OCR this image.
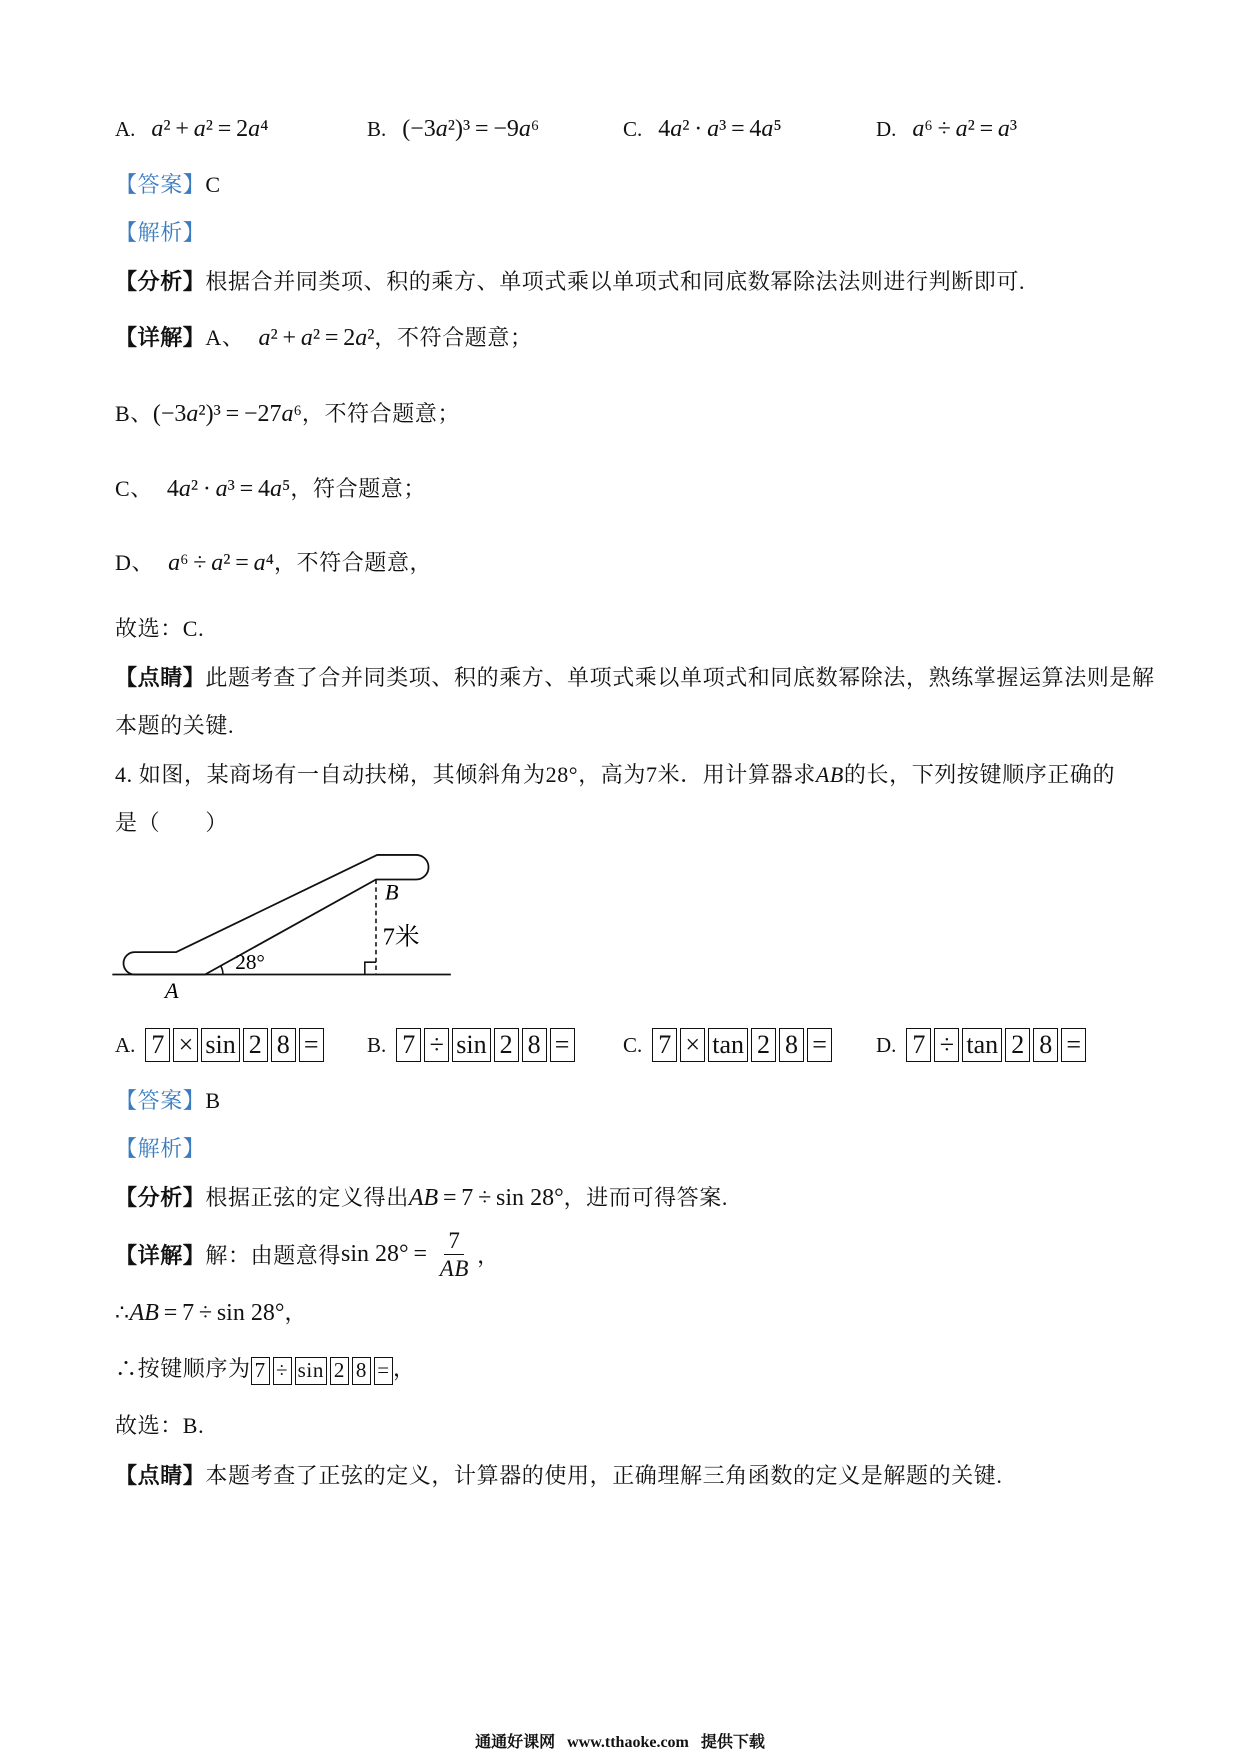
A. a² + a² = 2a⁴	B. (−3a²)³ = −9a⁶	C. 4a² · a³ = 4a⁵	D. a⁶ ÷ a² = a³
【答案】C
【解析】
【分析】根据合并同类项、积的乘方、单项式乘以单项式和同底数幂除法法则进行判断即可.
【详解】A、 a² + a² = 2a²，不符合题意；
B、(−3a²)³ = −27a⁶，不符合题意；
C、 4a² · a³ = 4a⁵，符合题意；
D、 a⁶ ÷ a² = a⁴，不符合题意，
故选：C.
【点睛】此题考查了合并同类项、积的乘方、单项式乘以单项式和同底数幂除法，熟练掌握运算法则是解
本题的关键.
4. 如图，某商场有一自动扶梯，其倾斜角为28°，高为7米．用计算器求AB的长，下列按键顺序正确的
是（　　）
B
7米
28°
A
A. 7 × sin 2 8 = B. 7 ÷ sin 2 8 =	C. 7 × tan 2 8 = D. 7 ÷ tan 2 8 =
【答案】B
【解析】
【分析】根据正弦的定义得出AB = 7 ÷ sin 28°，进而可得答案.
【详解】 解：由题意得 $\sin 28^\circ = \frac{7}{AB}$ ，
∴AB = 7 ÷ sin 28°，
∴按键顺序为 7 ÷ sin 2 8 = ，
故选：B.
【点睛】本题考查了正弦的定义，计算器的使用，正确理解三角函数的定义是解题的关键.
通通好课网 www.tthaoke.com 提供下载
